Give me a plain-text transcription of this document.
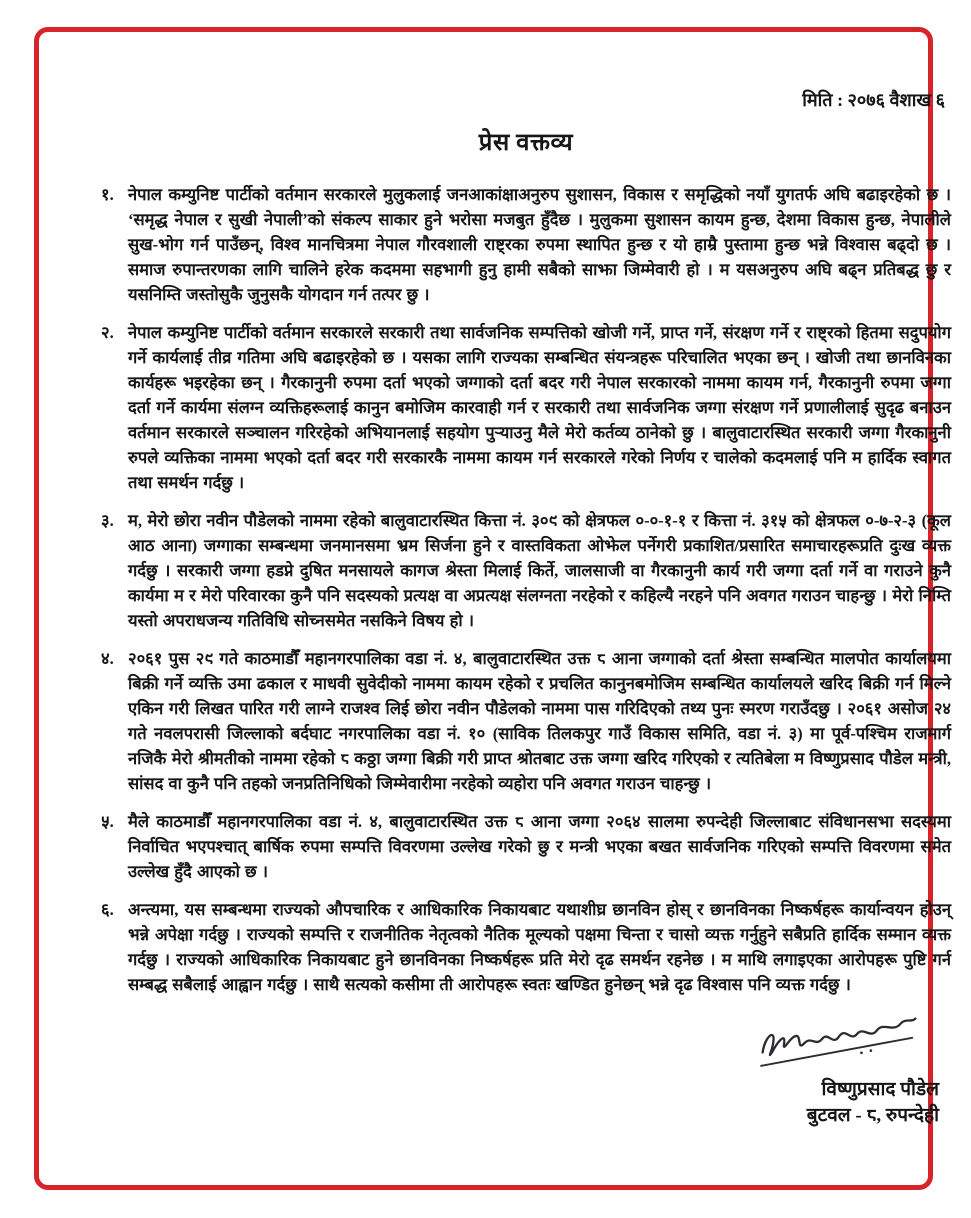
मिति : २०७६ वैशाख ६
प्रेस वक्तव्य
१. नेपाल कम्युनिष्ट पार्टीको वर्तमान सरकारले मुलुकलाई जनआकांक्षाअनुरुप सुशासन, विकास र समृद्धिको नयाँ युगतर्फ अघि बढाइरहेको छ । ‘समृद्ध नेपाल र सुखी नेपाली’को संकल्प साकार हुने भरोसा मजबुत हुँदैछ । मुलुकमा सुशासन कायम हुन्छ, देशमा विकास हुन्छ, नेपालीले सुख-भोग गर्न पाउँछन्, विश्व मानचित्रमा नेपाल गौरवशाली राष्ट्रका रुपमा स्थापित हुन्छ र यो हाम्रै पुस्तामा हुन्छ भन्ने विश्वास बढ्दो छ । समाज रुपान्तरणका लागि चालिने हरेक कदममा सहभागी हुनु हामी सबैको साझा जिम्मेवारी हो । म यसअनुरुप अघि बढ्न प्रतिबद्ध छु र यसनिम्ति जस्तोसुकै जुनुसकै योगदान गर्न तत्पर छु ।
२. नेपाल कम्युनिष्ट पार्टीको वर्तमान सरकारले सरकारी तथा सार्वजनिक सम्पत्तिको खोजी गर्ने, प्राप्त गर्ने, संरक्षण गर्ने र राष्ट्रको हितमा सदुपयोग गर्ने कार्यलाई तीव्र गतिमा अघि बढाइरहेको छ । यसका लागि राज्यका सम्बन्धित संयन्त्रहरू परिचालित भएका छन् । खोजी तथा छानविनका कार्यहरू भइरहेका छन् । गैरकानुनी रुपमा दर्ता भएको जग्गाको दर्ता बदर गरी नेपाल सरकारको नाममा कायम गर्न, गैरकानुनी रुपमा जग्गा दर्ता गर्ने कार्यमा संलग्न व्यक्तिहरूलाई कानुन बमोजिम कारवाही गर्न र सरकारी तथा सार्वजनिक जग्गा संरक्षण गर्ने प्रणालीलाई सुदृढ बनाउन वर्तमान सरकारले सञ्चालन गरिरहेको अभियानलाई सहयोग पुऱ्याउनु मैले मेरो कर्तव्य ठानेको छु । बालुवाटारस्थित सरकारी जग्गा गैरकानुनी रुपले व्यक्तिका नाममा भएको दर्ता बदर गरी सरकारकै नाममा कायम गर्न सरकारले गरेको निर्णय र चालेको कदमलाई पनि म हार्दिक स्वागत तथा समर्थन गर्दछु ।
३. म, मेरो छोरा नवीन पौडेलको नाममा रहेको बालुवाटारस्थित कित्ता नं. ३०९ को क्षेत्रफल ०-०-१-१ र कित्ता नं. ३१५ को क्षेत्रफल ०-७-२-३ (कूल आठ आना) जग्गाका सम्बन्धमा जनमानसमा भ्रम सिर्जना हुने र वास्तविकता ओझेल पर्नेगरी प्रकाशित/प्रसारित समाचारहरूप्रति दुःख व्यक्त गर्दछु । सरकारी जग्गा हडप्ने दुषित मनसायले कागज श्रेस्ता मिलाई किर्ते, जालसाजी वा गैरकानुनी कार्य गरी जग्गा दर्ता गर्ने वा गराउने कुनै कार्यमा म र मेरो परिवारका कुनै पनि सदस्यको प्रत्यक्ष वा अप्रत्यक्ष संलग्नता नरहेको र कहिल्यै नरहने पनि अवगत गराउन चाहन्छु । मेरो निम्ति यस्तो अपराधजन्य गतिविधि सोच्नसमेत नसकिने विषय हो ।
४. २०६१ पुस २९ गते काठमाडौँ महानगरपालिका वडा नं. ४, बालुवाटारस्थित उक्त ८ आना जग्गाको दर्ता श्रेस्ता सम्बन्धित मालपोत कार्यालयमा बिक्री गर्ने व्यक्ति उमा ढकाल र माधवी सुवेदीको नाममा कायम रहेको र प्रचलित कानुनबमोजिम सम्बन्धित कार्यालयले खरिद बिक्री गर्न मिल्ने एकिन गरी लिखत पारित गरी लाग्ने राजश्व लिई छोरा नवीन पौडेलको नाममा पास गरिदिएको तथ्य पुनः स्मरण गराउँदछु । २०६१ असोज २४ गते नवलपरासी जिल्लाको बर्दघाट नगरपालिका वडा नं. १० (साविक तिलकपुर गाउँ विकास समिति, वडा नं. ३) मा पूर्व-पश्चिम राजमार्ग नजिकै मेरो श्रीमतीको नाममा रहेको ८ कठ्ठा जग्गा बिक्री गरी प्राप्त श्रोतबाट उक्त जग्गा खरिद गरिएको र त्यतिबेला म विष्णुप्रसाद पौडेल मन्त्री, सांसद वा कुनै पनि तहको जनप्रतिनिधिको जिम्मेवारीमा नरहेको व्यहोरा पनि अवगत गराउन चाहन्छु ।
५. मैले काठमाडौँ महानगरपालिका वडा नं. ४, बालुवाटारस्थित उक्त ८ आना जग्गा २०६४ सालमा रुपन्देही जिल्लाबाट संविधानसभा सदस्यमा निर्वाचित भएपश्चात् बार्षिक रुपमा सम्पत्ति विवरणमा उल्लेख गरेको छु र मन्त्री भएका बखत सार्वजनिक गरिएको सम्पत्ति विवरणमा समेत उल्लेख हुँदै आएको छ ।
६. अन्त्यमा, यस सम्बन्धमा राज्यको औपचारिक र आधिकारिक निकायबाट यथाशीघ्र छानविन होस् र छानविनका निष्कर्षहरू कार्यान्वयन होउन् भन्ने अपेक्षा गर्दछु । राज्यको सम्पत्ति र राजनीतिक नेतृत्वको नैतिक मूल्यको पक्षमा चिन्ता र चासो व्यक्त गर्नुहुने सबैप्रति हार्दिक सम्मान व्यक्त गर्दछु । राज्यको आधिकारिक निकायबाट हुने छानविनका निष्कर्षहरू प्रति मेरो दृढ समर्थन रहनेछ । म माथि लगाइएका आरोपहरू पुष्टि गर्न सम्बद्ध सबैलाई आह्वान गर्दछु । साथै सत्यको कसीमा ती आरोपहरू स्वतः खण्डित हुनेछन् भन्ने दृढ विश्वास पनि व्यक्त गर्दछु ।
विष्णुप्रसाद पौडेल
बुटवल - ८, रुपन्देही
